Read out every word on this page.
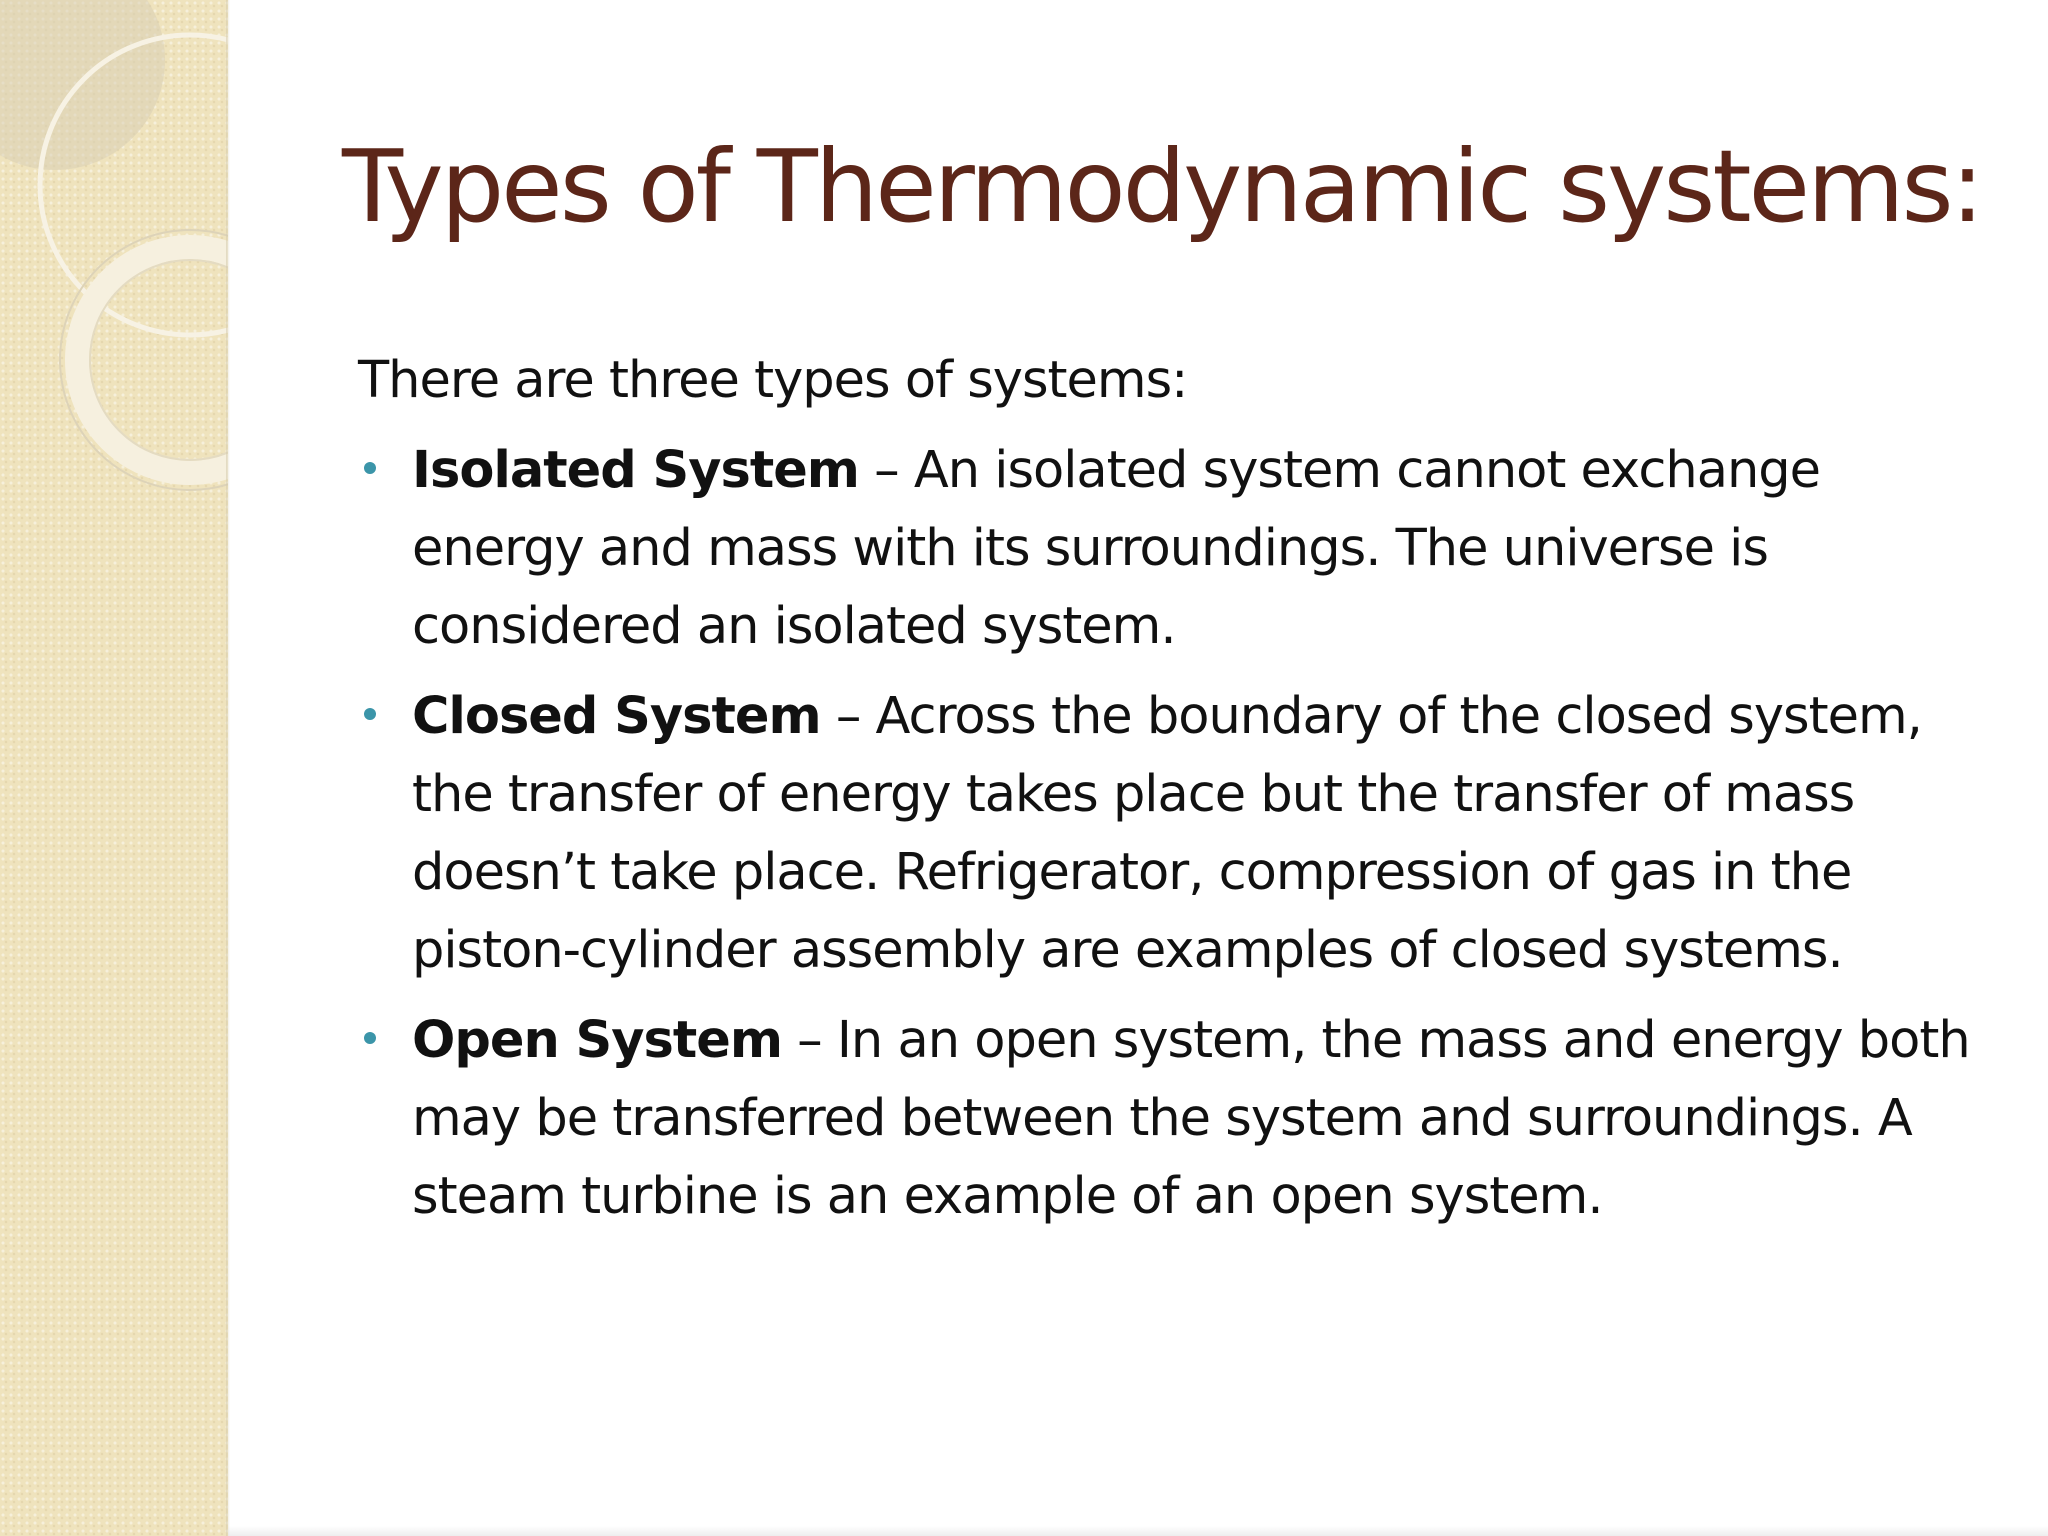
Types of Thermodynamic systems:

There are three types of systems:

Isolated System – An isolated system cannot exchange energy and mass with its surroundings. The universe is considered an isolated system.
Closed System – Across the boundary of the closed system, the transfer of energy takes place but the transfer of mass doesn’t take place. Refrigerator, compression of gas in the piston-cylinder assembly are examples of closed systems.
Open System – In an open system, the mass and energy both may be transferred between the system and surroundings. A steam turbine is an example of an open system.
